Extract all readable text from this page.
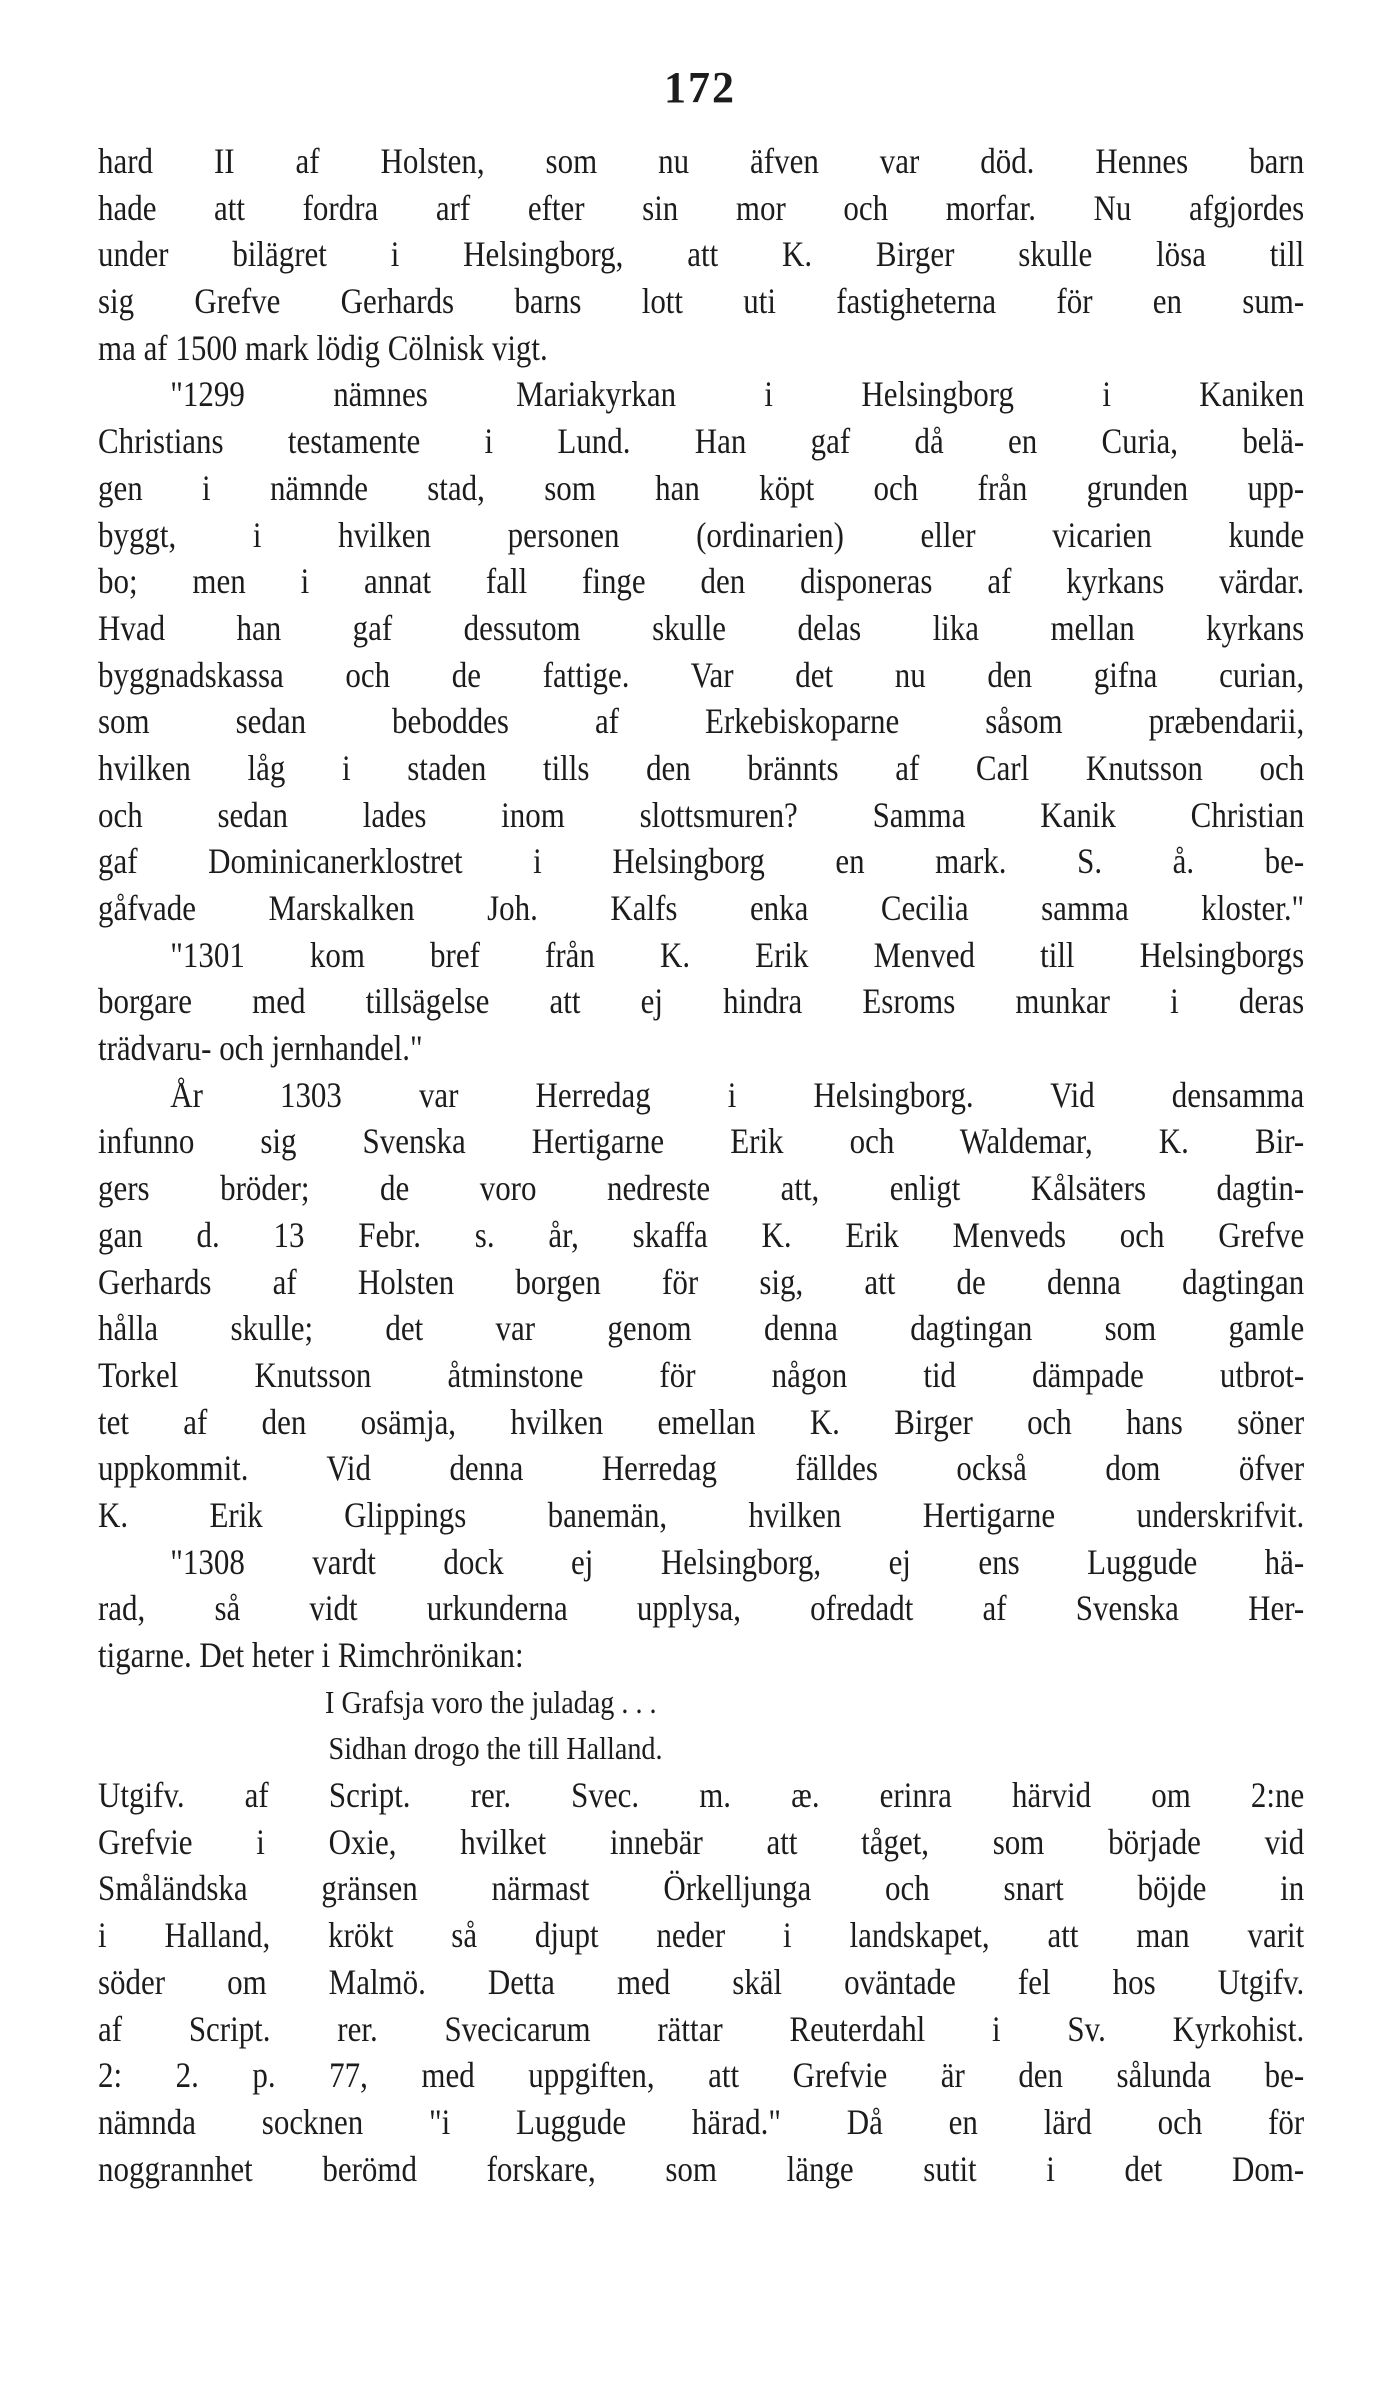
172
hard II af Holsten, som nu äfven var död. Hennes barn
hade att fordra arf efter sin mor och morfar. Nu afgjordes
under bilägret i Helsingborg, att K. Birger skulle lösa till
sig Grefve Gerhards barns lott uti fastigheterna för en sum-
ma af 1500 mark lödig Cölnisk vigt.
"1299 nämnes Mariakyrkan i Helsingborg i Kaniken
Christians testamente i Lund. Han gaf då en Curia, belä-
gen i nämnde stad, som han köpt och från grunden upp-
byggt, i hvilken personen (ordinarien) eller vicarien kunde
bo; men i annat fall finge den disponeras af kyrkans värdar.
Hvad han gaf dessutom skulle delas lika mellan kyrkans
byggnadskassa och de fattige. Var det nu den gifna curian,
som sedan beboddes af Erkebiskoparne såsom præbendarii,
hvilken låg i staden tills den brännts af Carl Knutsson och
och sedan lades inom slottsmuren? Samma Kanik Christian
gaf Dominicanerklostret i Helsingborg en mark. S. å. be-
gåfvade Marskalken Joh. Kalfs enka Cecilia samma kloster."
"1301 kom bref från K. Erik Menved till Helsingborgs
borgare med tillsägelse att ej hindra Esroms munkar i deras
trädvaru- och jernhandel."
År 1303 var Herredag i Helsingborg. Vid densamma
infunno sig Svenska Hertigarne Erik och Waldemar, K. Bir-
gers bröder; de voro nedreste att, enligt Kålsäters dagtin-
gan d. 13 Febr. s. år, skaffa K. Erik Menveds och Grefve
Gerhards af Holsten borgen för sig, att de denna dagtingan
hålla skulle; det var genom denna dagtingan som gamle
Torkel Knutsson åtminstone för någon tid dämpade utbrot-
tet af den osämja, hvilken emellan K. Birger och hans söner
uppkommit. Vid denna Herredag fälldes också dom öfver
K. Erik Glippings banemän, hvilken Hertigarne underskrifvit.
"1308 vardt dock ej Helsingborg, ej ens Luggude hä-
rad, så vidt urkunderna upplysa, ofredadt af Svenska Her-
tigarne. Det heter i Rimchrönikan:
I Grafsja voro the juladag . . .
Sidhan drogo the till Halland.
Utgifv. af Script. rer. Svec. m. æ. erinra härvid om 2:ne
Grefvie i Oxie, hvilket innebär att tåget, som började vid
Småländska gränsen närmast Örkelljunga och snart böjde in
i Halland, krökt så djupt neder i landskapet, att man varit
söder om Malmö. Detta med skäl oväntade fel hos Utgifv.
af Script. rer. Svecicarum rättar Reuterdahl i Sv. Kyrkohist.
2: 2. p. 77, med uppgiften, att Grefvie är den sålunda be-
nämnda socknen "i Luggude härad." Då en lärd och för
noggrannhet berömd forskare, som länge sutit i det Dom-
